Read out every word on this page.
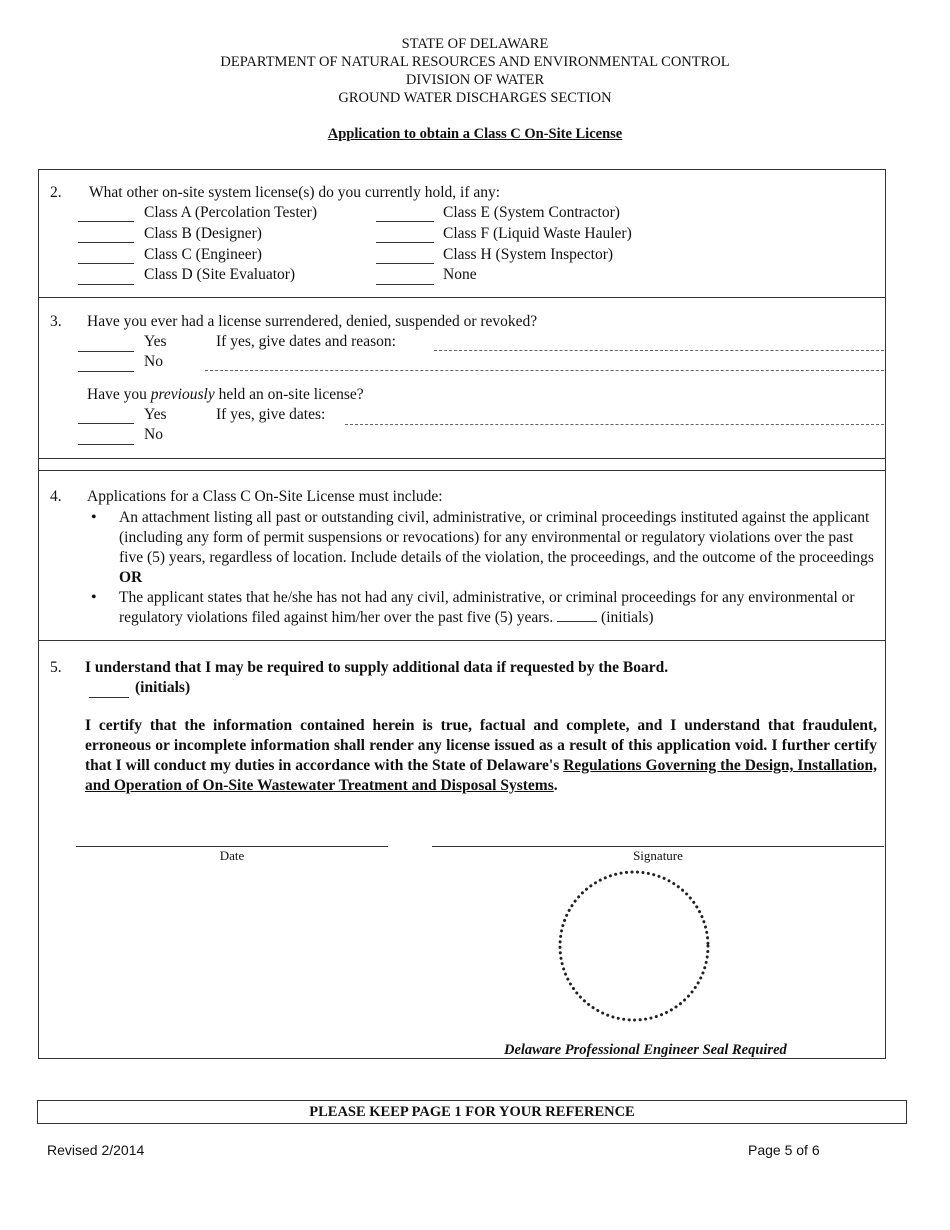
STATE OF DELAWARE
DEPARTMENT OF NATURAL RESOURCES AND ENVIRONMENTAL CONTROL
DIVISION OF WATER
GROUND WATER DISCHARGES SECTION
Application to obtain a Class C On-Site License
2. What other on-site system license(s) do you currently hold, if any:
Class A (Percolation Tester)
Class B (Designer)
Class C (Engineer)
Class D (Site Evaluator)
Class E (System Contractor)
Class F (Liquid Waste Hauler)
Class H (System Inspector)
None
3. Have you ever had a license surrendered, denied, suspended or revoked?
Yes	If yes, give dates and reason:
No
Have you previously held an on-site license?
Yes	If yes, give dates:
No
4. Applications for a Class C On-Site License must include:
• An attachment listing all past or outstanding civil, administrative, or criminal proceedings instituted against the applicant (including any form of permit suspensions or revocations) for any environmental or regulatory violations over the past five (5) years, regardless of location. Include details of the violation, the proceedings, and the outcome of the proceedings OR
• The applicant states that he/she has not had any civil, administrative, or criminal proceedings for any environmental or regulatory violations filed against him/her over the past five (5) years.	(initials)
5. I understand that I may be required to supply additional data if requested by the Board.
(initials)
I certify that the information contained herein is true, factual and complete, and I understand that fraudulent, erroneous or incomplete information shall render any license issued as a result of this application void. I further certify that I will conduct my duties in accordance with the State of Delaware's Regulations Governing the Design, Installation, and Operation of On-Site Wastewater Treatment and Disposal Systems.
Date	Signature
Delaware Professional Engineer Seal Required
PLEASE KEEP PAGE 1 FOR YOUR REFERENCE
Revised 2/2014	Page 5 of 6
